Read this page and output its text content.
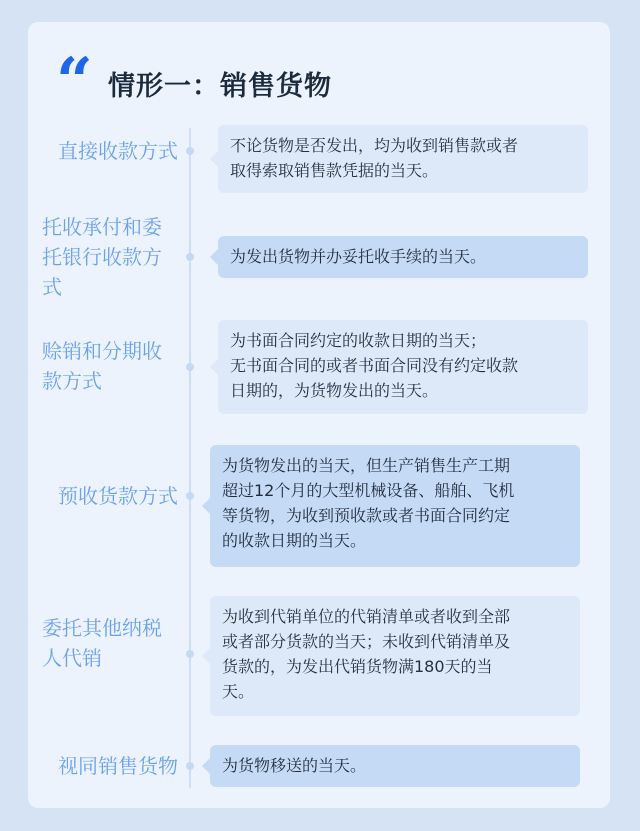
“ 情形一：销售货物
直接收款方式	不论货物是否发出，均为收到销售款或者
取得索取销售款凭据的当天。
托收承付和委
托银行收款方
式
为发出货物并办妥托收手续的当天。
赊销和分期收
款方式
为书面合同约定的收款日期的当天；
无书面合同的或者书面合同没有约定收款
日期的，为货物发出的当天。
预收货款方式
为货物发出的当天，但生产销售生产工期
超过12个月的大型机械设备、船舶、飞机
等货物，为收到预收款或者书面合同约定
的收款日期的当天。
委托其他纳税
人代销
为收到代销单位的代销清单或者收到全部
或者部分货款的当天；未收到代销清单及
货款的，为发出代销货物满180天的当
天。
视同销售货物	为货物移送的当天。
